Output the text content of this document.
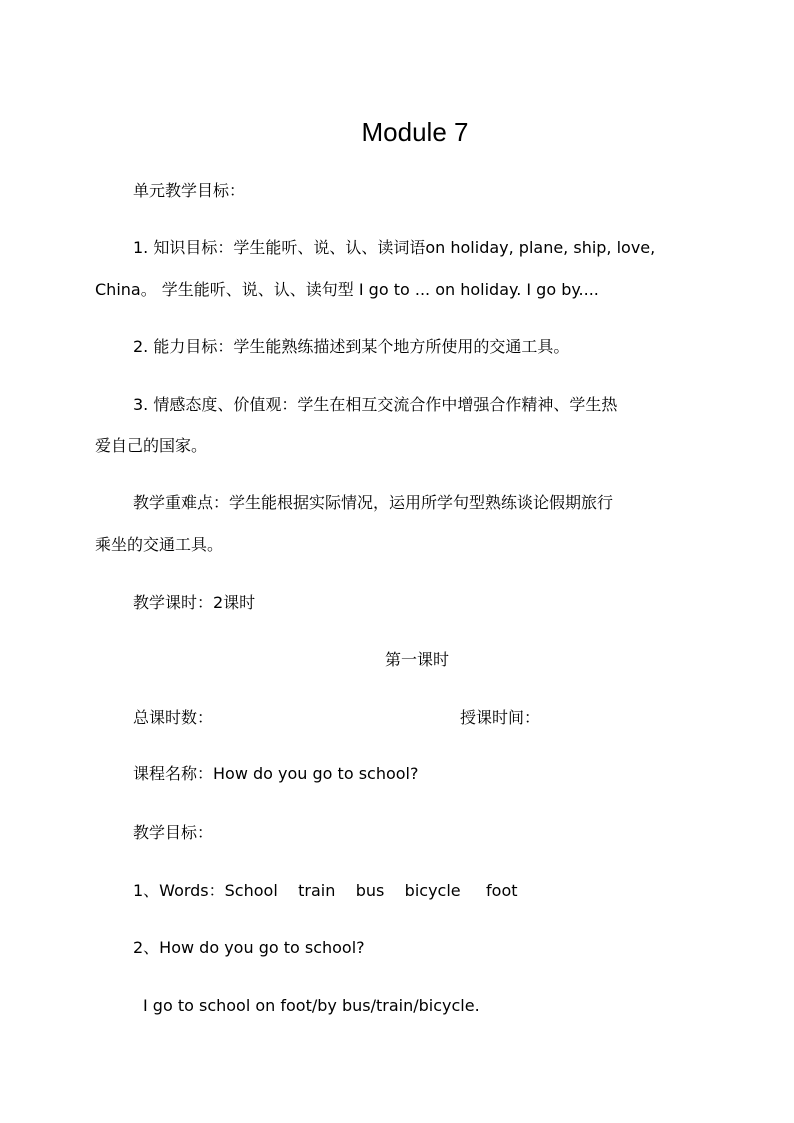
Module 7
单元教学目标：
1. 知识目标：学生能听、说、认、读词语on holiday, plane, ship, love,
China。 学生能听、说、认、读句型 I go to ... on holiday. I go by....
2. 能力目标：学生能熟练描述到某个地方所使用的交通工具。
3. 情感态度、价值观：学生在相互交流合作中增强合作精神、学生热
爱自己的国家。
教学重难点：学生能根据实际情况，运用所学句型熟练谈论假期旅行
乘坐的交通工具。
教学课时：2课时
第一课时
总课时数：	授课时间：
课程名称：How do you go to school?
教学目标：
1、Words：School    train    bus    bicycle     foot
2、How do you go to school?
I go to school on foot/by bus/train/bicycle.
